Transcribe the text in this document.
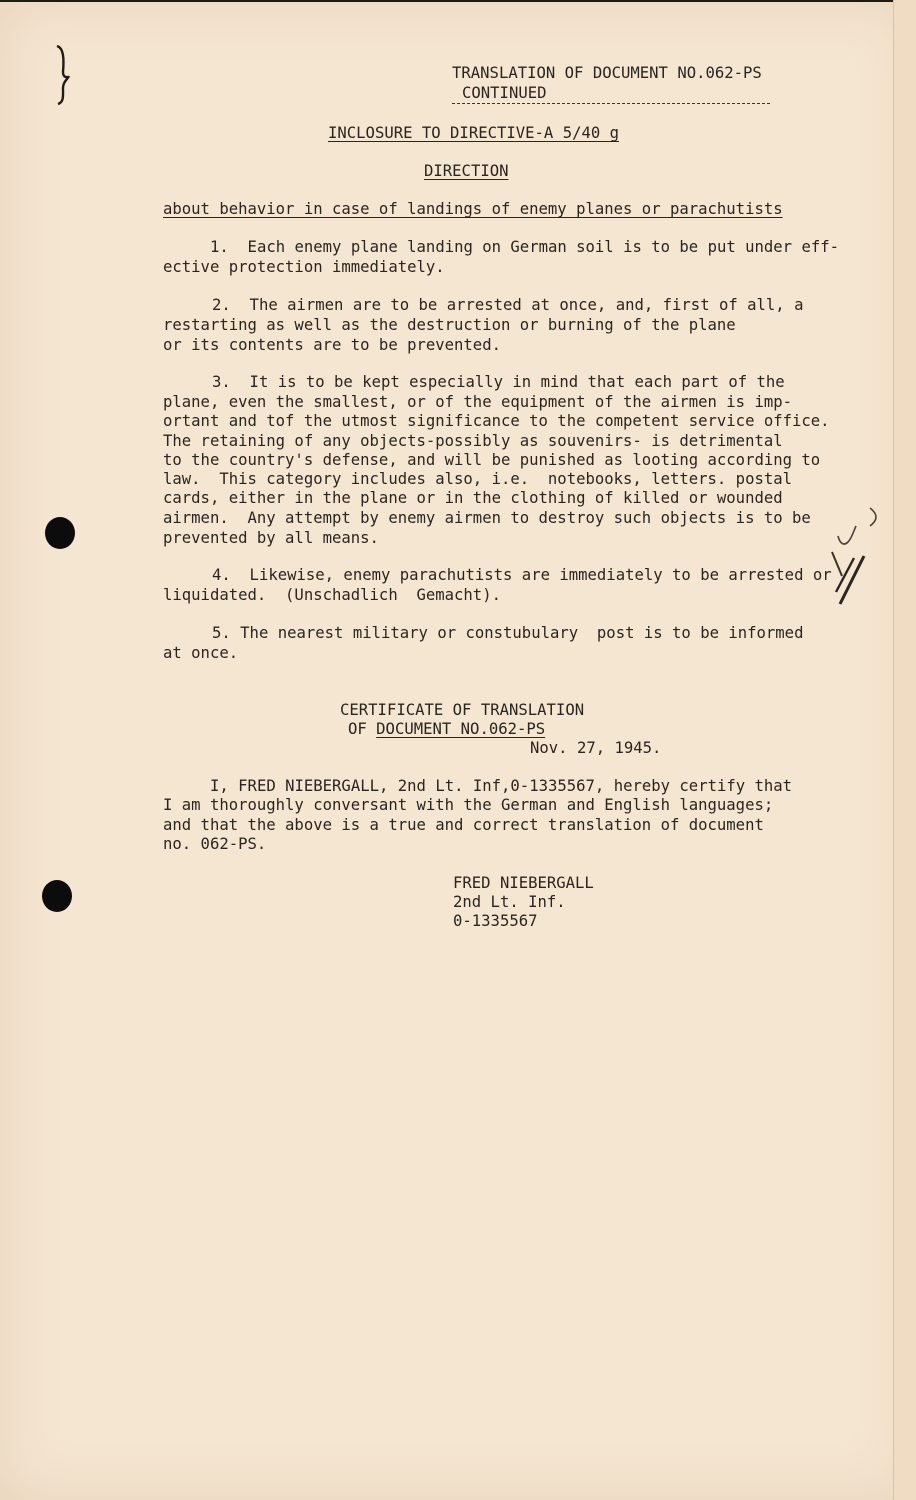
TRANSLATION OF DOCUMENT NO.062-PS
CONTINUED
INCLOSURE TO DIRECTIVE-A 5/40 g
DIRECTION
about behavior in case of landings of enemy planes or parachutists
1.  Each enemy plane landing on German soil is to be put under eff-
ective protection immediately.
2.  The airmen are to be arrested at once, and, first of all, a
restarting as well as the destruction or burning of the plane
or its contents are to be prevented.
3.  It is to be kept especially in mind that each part of the
plane, even the smallest, or of the equipment of the airmen is imp-
ortant and tof the utmost significance to the competent service office.
The retaining of any objects-possibly as souvenirs- is detrimental
to the country's defense, and will be punished as looting according to
law.  This category includes also, i.e.  notebooks, letters. postal
cards, either in the plane or in the clothing of killed or wounded
airmen.  Any attempt by enemy airmen to destroy such objects is to be
prevented by all means.
4.  Likewise, enemy parachutists are immediately to be arrested or
liquidated.  (Unschadlich  Gemacht).
5. The nearest military or constubulary  post is to be informed
at once.
CERTIFICATE OF TRANSLATION
OF DOCUMENT NO.062-PS
Nov. 27, 1945.
I, FRED NIEBERGALL, 2nd Lt. Inf,0-1335567, hereby certify that
I am thoroughly conversant with the German and English languages;
and that the above is a true and correct translation of document
no. 062-PS.
FRED NIEBERGALL
2nd Lt. Inf.
0-1335567
